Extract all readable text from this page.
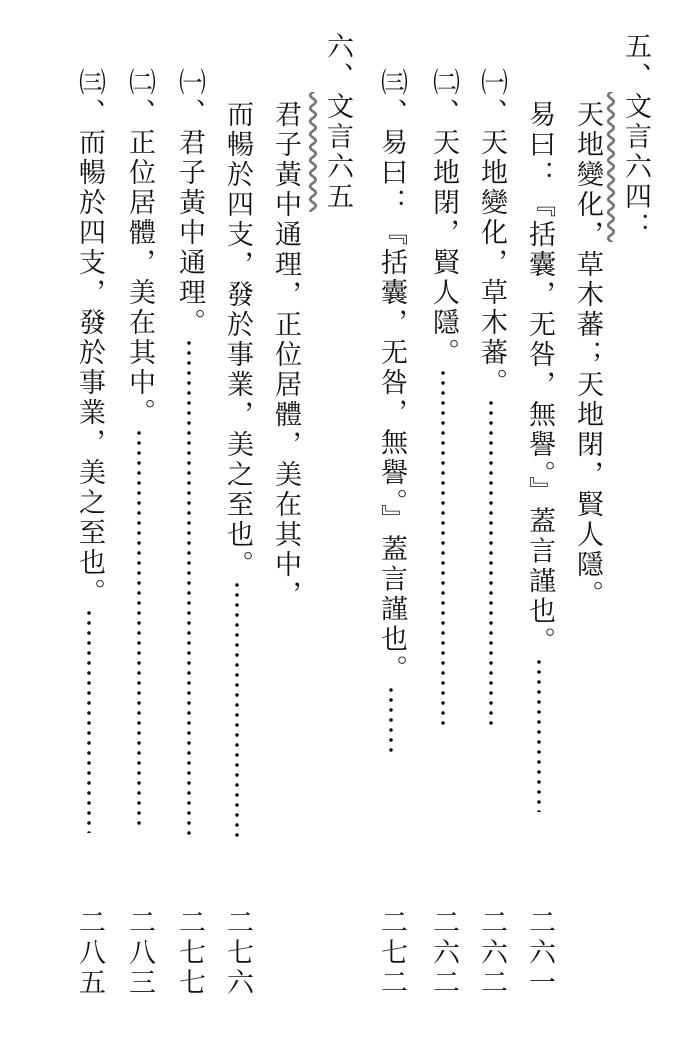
五、文言六四：
天地變化，草木蕃；天地閉，賢人隱。
易曰：『括囊，无咎，無譽。』蓋言謹也。
二六一
㈠、天地變化，草木蕃。
二六二
㈡、天地閉，賢人隱。
二六二
㈢、易曰：『括囊，无咎，無譽。』蓋言謹也。
二七二
六、文言六五
君子黃中通理，正位居體，美在其中，
而暢於四支，發於事業，美之至也。
二七六
㈠、君子黃中通理。
二七七
㈡、正位居體，美在其中。
二八三
㈢、而暢於四支，發於事業，美之至也。
二八五
